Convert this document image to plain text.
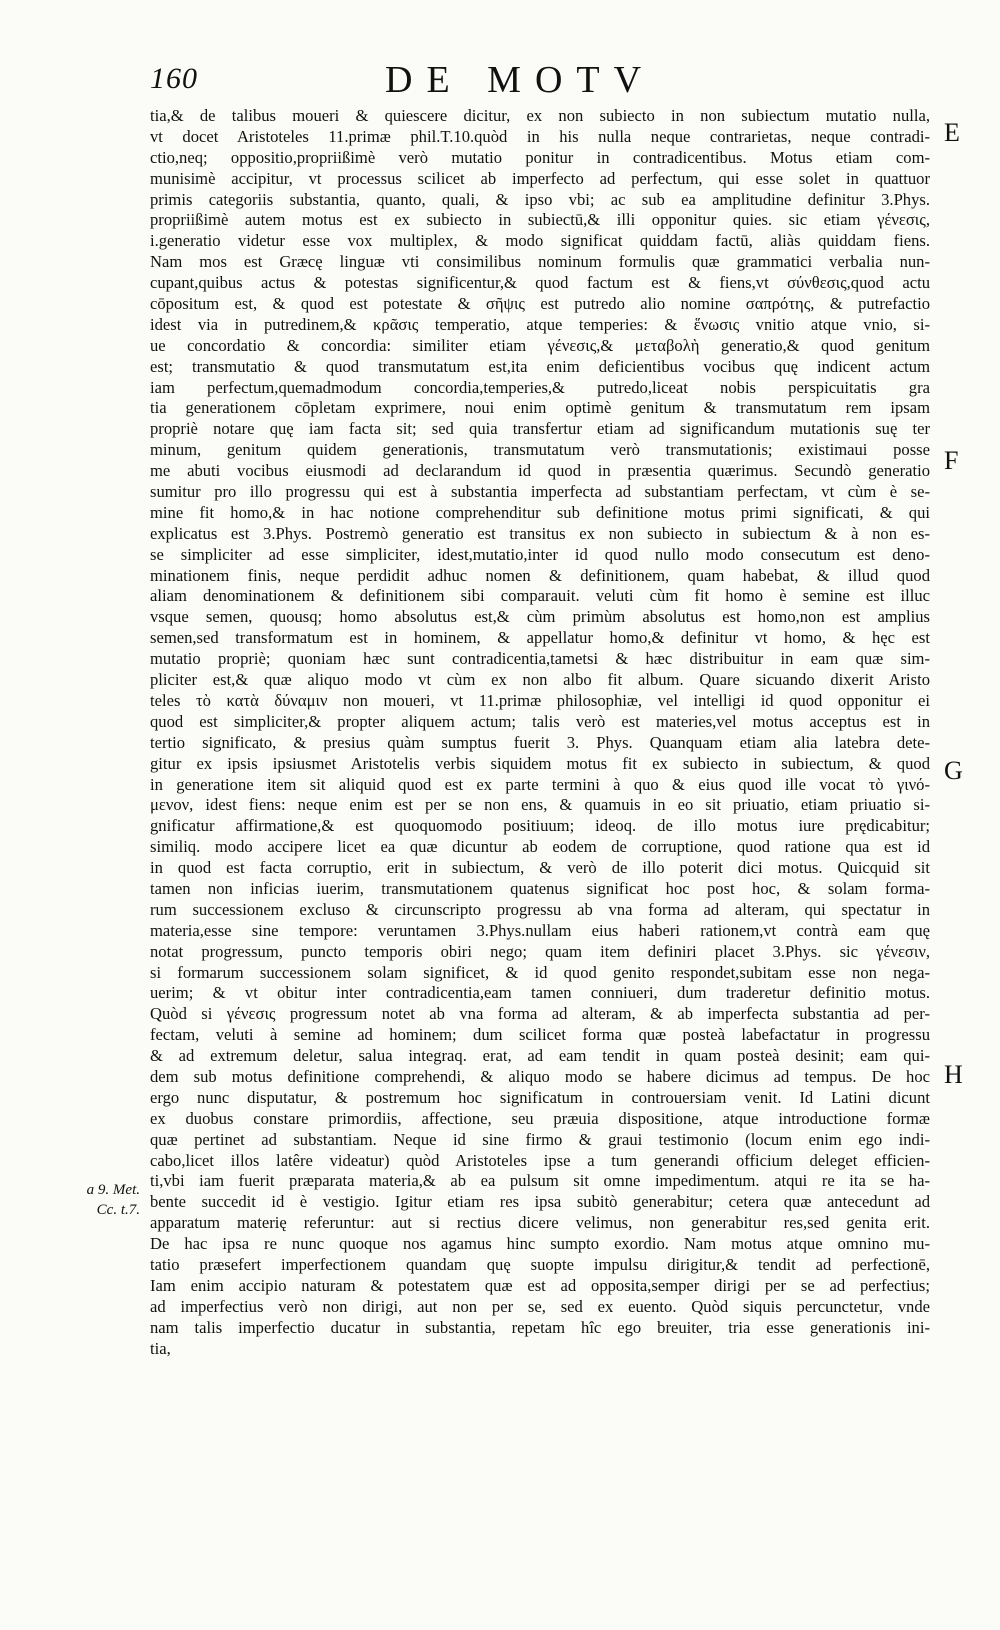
160	DE MOTV
tia,& de talibus moueri & quiescere dicitur, ex non subiecto in non subiectum mutatio nulla,
vt docet Aristoteles 11.primæ phil.T.10.quòd in his nulla neque contrarietas, neque contradi-
ctio,neq; oppositio,propriißimè verò mutatio ponitur in contradicentibus. Motus etiam com-
munisimè accipitur, vt processus scilicet ab imperfecto ad perfectum, qui esse solet in quattuor
primis categoriis substantia, quanto, quali, & ipso vbi; ac sub ea amplitudine definitur 3.Phys.
propriißimè autem motus est ex subiecto in subiectū,& illi opponitur quies. sic etiam γένεσις,
i.generatio videtur esse vox multiplex, & modo significat quiddam factū, aliàs quiddam fiens.
Nam mos est Græcę linguæ vti consimilibus nominum formulis quæ grammatici verbalia nun-
cupant,quibus actus & potestas significentur,& quod factum est & fiens,vt σύνθεσις,quod actu
cōpositum est, & quod est potestate & σῆψις est putredo alio nomine σαπρότης, & putrefactio
idest via in putredinem,& κρᾶσις temperatio, atque temperies: & ἕνωσις vnitio atque vnio, si-
ue concordatio & concordia: similiter etiam γένεσις,& μεταβολὴ generatio,& quod genitum
est; transmutatio & quod transmutatum est,ita enim deficientibus vocibus quę indicent actum
iam perfectum,quemadmodum concordia,temperies,& putredo,liceat nobis perspicuitatis gra
tia generationem cōpletam exprimere, noui enim optimè genitum & transmutatum rem ipsam
propriè notare quę iam facta sit; sed quia transfertur etiam ad significandum mutationis suę ter
minum, genitum quidem generationis, transmutatum verò transmutationis; existimaui posse
me abuti vocibus eiusmodi ad declarandum id quod in præsentia quærimus. Secundò generatio
sumitur pro illo progressu qui est à substantia imperfecta ad substantiam perfectam, vt cùm è se-
mine fit homo,& in hac notione comprehenditur sub definitione motus primi significati, & qui
explicatus est 3.Phys. Postremò generatio est transitus ex non subiecto in subiectum & à non es-
se simpliciter ad esse simpliciter, idest,mutatio,inter id quod nullo modo consecutum est deno-
minationem finis, neque perdidit adhuc nomen & definitionem, quam habebat, & illud quod
aliam denominationem & definitionem sibi comparauit. veluti cùm fit homo è semine est illuc
vsque semen, quousq; homo absolutus est,& cùm primùm absolutus est homo,non est amplius
semen,sed transformatum est in hominem, & appellatur homo,& definitur vt homo, & hęc est
mutatio propriè; quoniam hæc sunt contradicentia,tametsi & hæc distribuitur in eam quæ sim-
pliciter est,& quæ aliquo modo vt cùm ex non albo fit album. Quare sicuando dixerit Aristo
teles τὸ κατὰ δύναμιν non moueri, vt 11.primæ philosophiæ, vel intelligi id quod opponitur ei
quod est simpliciter,& propter aliquem actum; talis verò est materies,vel motus acceptus est in
tertio significato, & presius quàm sumptus fuerit 3. Phys. Quanquam etiam alia latebra dete-
gitur ex ipsis ipsiusmet Aristotelis verbis siquidem motus fit ex subiecto in subiectum, & quod
in generatione item sit aliquid quod est ex parte termini à quo & eius quod ille vocat τὸ γινό-
μενον, idest fiens: neque enim est per se non ens, & quamuis in eo sit priuatio, etiam priuatio si-
gnificatur affirmatione,& est quoquomodo positiuum; ideoq. de illo motus iure prędicabitur;
similiq. modo accipere licet ea quæ dicuntur ab eodem de corruptione, quod ratione qua est id
in quod est facta corruptio, erit in subiectum, & verò de illo poterit dici motus. Quicquid sit
tamen non inficias iuerim, transmutationem quatenus significat hoc post hoc, & solam forma-
rum successionem excluso & circunscripto progressu ab vna forma ad alteram, qui spectatur in
materia,esse sine tempore: veruntamen 3.Phys.nullam eius haberi rationem,vt contrà eam quę
notat progressum, puncto temporis obiri nego; quam item definiri placet 3.Phys. sic γένεσιν,
si formarum successionem solam significet, & id quod genito respondet,subitam esse non nega-
uerim; & vt obitur inter contradicentia,eam tamen conniueri, dum traderetur definitio motus.
Quòd si γένεσις progressum notet ab vna forma ad alteram, & ab imperfecta substantia ad per-
fectam, veluti à semine ad hominem; dum scilicet forma quæ posteà labefactatur in progressu
& ad extremum deletur, salua integraq. erat, ad eam tendit in quam posteà desinit; eam qui-
dem sub motus definitione comprehendi, & aliquo modo se habere dicimus ad tempus. De hoc
ergo nunc disputatur, & postremum hoc significatum in controuersiam venit. Id Latini dicunt
ex duobus constare primordiis, affectione, seu præuia dispositione, atque introductione formæ
quæ pertinet ad substantiam. Neque id sine firmo & graui testimonio (locum enim ego indi-
cabo,licet illos latêre videatur) quòd Aristoteles ipse a tum generandi officium deleget efficien-
ti,vbi iam fuerit præparata materia,& ab ea pulsum sit omne impedimentum. atqui re ita se ha-
bente succedit id è vestigio. Igitur etiam res ipsa subitò generabitur; cetera quæ antecedunt ad
apparatum materię referuntur: aut si rectius dicere velimus, non generabitur res,sed genita erit.
De hac ipsa re nunc quoque nos agamus hinc sumpto exordio. Nam motus atque omnino mu-
tatio præsefert imperfectionem quandam quę suopte impulsu dirigitur,& tendit ad perfectionē,
Iam enim accipio naturam & potestatem quæ est ad opposita,semper dirigi per se ad perfectius;
ad imperfectius verò non dirigi, aut non per se, sed ex euento. Quòd siquis percunctetur, vnde
nam talis imperfectio ducatur in substantia, repetam hîc ego breuiter, tria esse generationis ini-
tia,
E
F
G
H
a 9. Met.
Cc. t.7.
